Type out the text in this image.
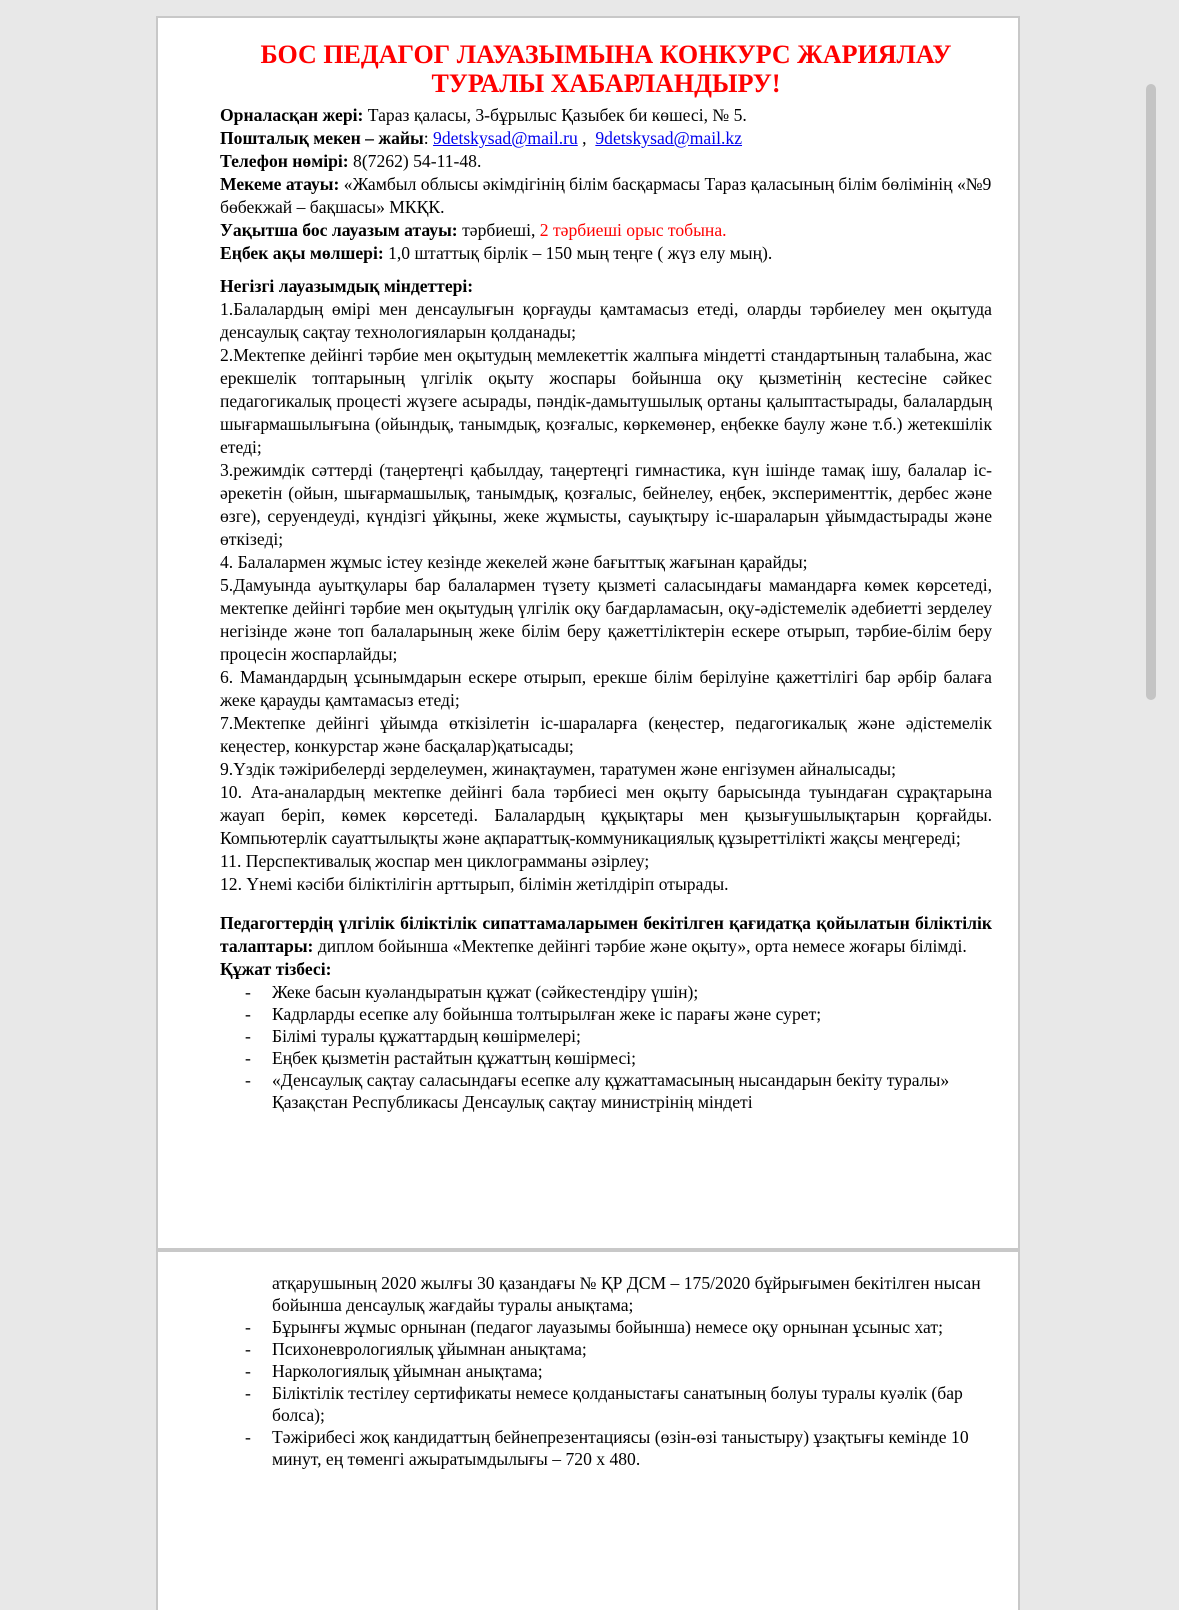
БОС ПЕДАГОГ ЛАУАЗЫМЫНА КОНКУРС ЖАРИЯЛАУ
ТУРАЛЫ ХАБАРЛАНДЫРУ!

Орналасқан жері: Тараз қаласы, 3-бұрылыс Қазыбек би көшесі, № 5.

Пошталық мекен – жайы: 9detskysad@mail.ru ,  9detskysad@mail.kz

Телефон нөмірі: 8(7262) 54-11-48.

Мекеме атауы: «Жамбыл облысы әкімдігінің білім басқармасы Тараз қаласының білім бөлімінің «№9 бөбекжай – бақшасы» МКҚК.

Уақытша бос лауазым атауы: тәрбиеші, 2 тәрбиеші орыс тобына.

Еңбек ақы мөлшері: 1,0 штаттық бірлік – 150 мың теңге ( жүз елу мың).

Негізгі лауазымдық міндеттері:

1.Балалардың өмірі мен денсаулығын қорғауды қамтамасыз етеді, оларды тәрбиелеу мен оқытуда денсаулық сақтау технологияларын қолданады;

2.Мектепке дейінгі тәрбие мен оқытудың мемлекеттік жалпыға міндетті стандартының талабына, жас ерекшелік топтарының үлгілік оқыту жоспары бойынша оқу қызметінің кестесіне сәйкес педагогикалық процесті жүзеге асырады, пәндік-дамытушылық ортаны қалыптастырады, балалардың шығармашылығына (ойындық, танымдық, қозғалыс, көркемөнер, еңбекке баулу және т.б.) жетекшілік етеді;

3.режимдік сәттерді (таңертеңгі қабылдау, таңертеңгі гимнастика, күн ішінде тамақ ішу, балалар іс-әрекетін (ойын, шығармашылық, танымдық, қозғалыс, бейнелеу, еңбек, эксперименттік, дербес және өзге), серуендеуді, күндізгі ұйқыны, жеке жұмысты, сауықтыру іс-шараларын ұйымдастырады және өткізеді;

4. Балалармен жұмыс істеу кезінде жекелей және бағыттық жағынан қарайды;

5.Дамуында ауытқулары бар балалармен түзету қызметі саласындағы мамандарға көмек көрсетеді, мектепке дейінгі тәрбие мен оқытудың үлгілік оқу бағдарламасын, оқу-әдістемелік әдебиетті зерделеу негізінде және топ балаларының жеке білім беру қажеттіліктерін ескере отырып, тәрбие-білім беру процесін жоспарлайды;

6. Мамандардың ұсынымдарын ескере отырып, ерекше білім берілуіне қажеттілігі бар әрбір балаға жеке қарауды қамтамасыз етеді;

7.Мектепке дейінгі ұйымда өткізілетін іс-шараларға (кеңестер, педагогикалық және әдістемелік кеңестер, конкурстар және басқалар)қатысады;

9.Үздік тәжірибелерді зерделеумен, жинақтаумен, таратумен және енгізумен айналысады;

10. Ата-аналардың мектепке дейінгі бала тәрбиесі мен оқыту барысында туындаған сұрақтарына жауап беріп, көмек көрсетеді. Балалардың құқықтары мен қызығушылықтарын қорғайды. Компьютерлік сауаттылықты және ақпараттық-коммуникациялық құзыреттілікті жақсы меңгереді;

11. Перспективалық жоспар мен циклограмманы әзірлеу;

12. Үнемі кәсіби біліктілігін арттырып, білімін жетілдіріп отырады.

Педагогтердің үлгілік біліктілік сипаттамаларымен бекітілген қағидатқа қойылатын біліктілік талаптары: диплом бойынша «Мектепке дейінгі тәрбие және оқыту», орта немесе жоғары білімді.

Құжат тізбесі:

- Жеке басын куәландыратын құжат (сәйкестендіру үшін);
- Кадрларды есепке алу бойынша толтырылған жеке іс парағы және сурет;
- Білімі туралы құжаттардың көшірмелері;
- Еңбек қызметін растайтын құжаттың көшірмесі;
- «Денсаулық сақтау саласындағы есепке алу құжаттамасының нысандарын бекіту туралы» Қазақстан Республикасы Денсаулық сақтау министрінің міндеті
атқарушының 2020 жылғы 30 қазандағы № ҚР ДСМ – 175/2020 бұйрығымен бекітілген нысан бойынша денсаулық жағдайы туралы анықтама;
- Бұрынғы жұмыс орнынан (педагог лауазымы бойынша) немесе оқу орнынан ұсыныс хат;
- Психоневрологиялық ұйымнан анықтама;
- Наркологиялық ұйымнан анықтама;
- Біліктілік тестілеу сертификаты немесе қолданыстағы санатының болуы туралы куәлік (бар болса);
- Тәжірибесі жоқ кандидаттың бейнепрезентациясы (өзін-өзі таныстыру) ұзақтығы кемінде 10 минут, ең төменгі ажыратымдылығы – 720 х 480.
